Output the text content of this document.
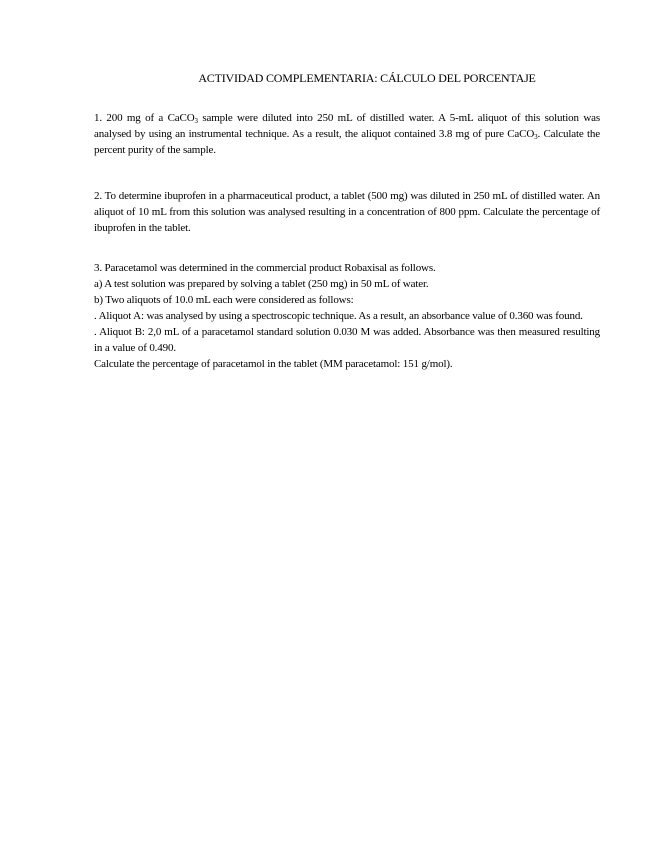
ACTIVIDAD COMPLEMENTARIA: CÁLCULO DEL PORCENTAJE

1. 200 mg of a CaCO$_3$ sample were diluted into 250 mL of distilled water. A 5-mL aliquot of this solution was analysed by using an instrumental technique. As a result, the aliquot contained 3.8 mg of pure CaCO$_3$. Calculate the percent purity of the sample.

2. To determine ibuprofen in a pharmaceutical product, a tablet (500 mg) was diluted in 250 mL of distilled water. An aliquot of 10 mL from this solution was analysed resulting in a concentration of 800 ppm. Calculate the percentage of ibuprofen in the tablet.

3. Paracetamol was determined in the commercial product Robaxisal as follows.

a) A test solution was prepared by solving a tablet (250 mg) in 50 mL of water.

b) Two aliquots of 10.0 mL each were considered as follows:

. Aliquot A: was analysed by using a spectroscopic technique. As a result, an absorbance value of 0.360 was found.

. Aliquot B: 2,0 mL of a paracetamol standard solution 0.030 M was added. Absorbance was then measured resulting in a value of 0.490.

Calculate the percentage of paracetamol in the tablet (MM paracetamol: 151 g/mol).
